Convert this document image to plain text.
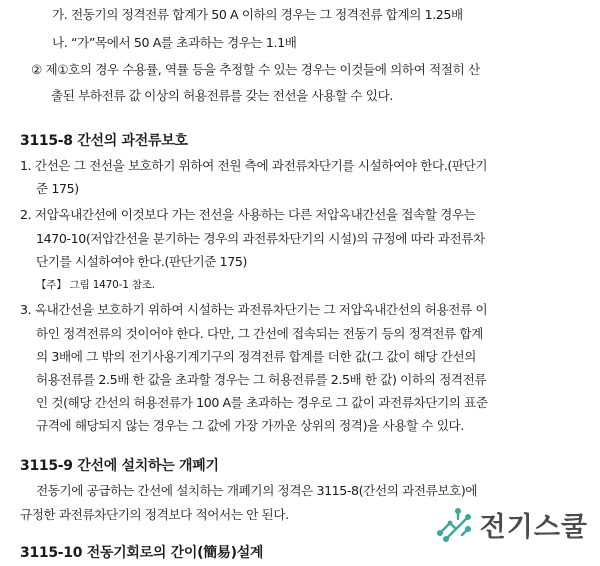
가. 전동기의 정격전류 합계가 50 A 이하의 경우는 그 정격전류 합계의 1.25배
나. “가”목에서 50 A를 초과하는 경우는 1.1배
② 제①호의 경우 수용률, 역률 등을 추정할 수 있는 경우는 이것들에 의하여 적절히 산
출된 부하전류 값 이상의 허용전류를 갖는 전선을 사용할 수 있다.
3115-8 간선의 과전류보호
1. 간선은 그 전선을 보호하기 위하여 전원 측에 과전류차단기를 시설하여야 한다.(판단기
준 175)
2. 저압옥내간선에 이것보다 가는 전선을 사용하는 다른 저압옥내간선을 접속할 경우는
1470-10(저압간선을 분기하는 경우의 과전류차단기의 시설)의 규정에 따라 과전류차
단기를 시설하여야 한다.(판단기준 175)
【주】 그림 1470-1 참조.
3. 옥내간선을 보호하기 위하여 시설하는 과전류차단기는 그 저압옥내간선의 허용전류 이
하인 정격전류의 것이어야 한다. 다만, 그 간선에 접속되는 전동기 등의 정격전류 합계
의 3배에 그 밖의 전기사용기계기구의 정격전류 합계를 더한 값(그 값이 해당 간선의
허용전류를 2.5배 한 값을 초과할 경우는 그 허용전류를 2.5배 한 값) 이하의 정격전류
인 것(해당 간선의 허용전류가 100 A를 초과하는 경우로 그 값이 과전류차단기의 표준
규격에 해당되지 않는 경우는 그 값에 가장 가까운 상위의 정격)을 사용할 수 있다.
3115-9 간선에 설치하는 개폐기
전동기에 공급하는 간선에 설치하는 개폐기의 정격은 3115-8(간선의 과전류보호)에
규정한 과전류차단기의 정격보다 적어서는 안 된다.
3115-10 전동기회로의 간이(簡易)설계
전기스쿨
